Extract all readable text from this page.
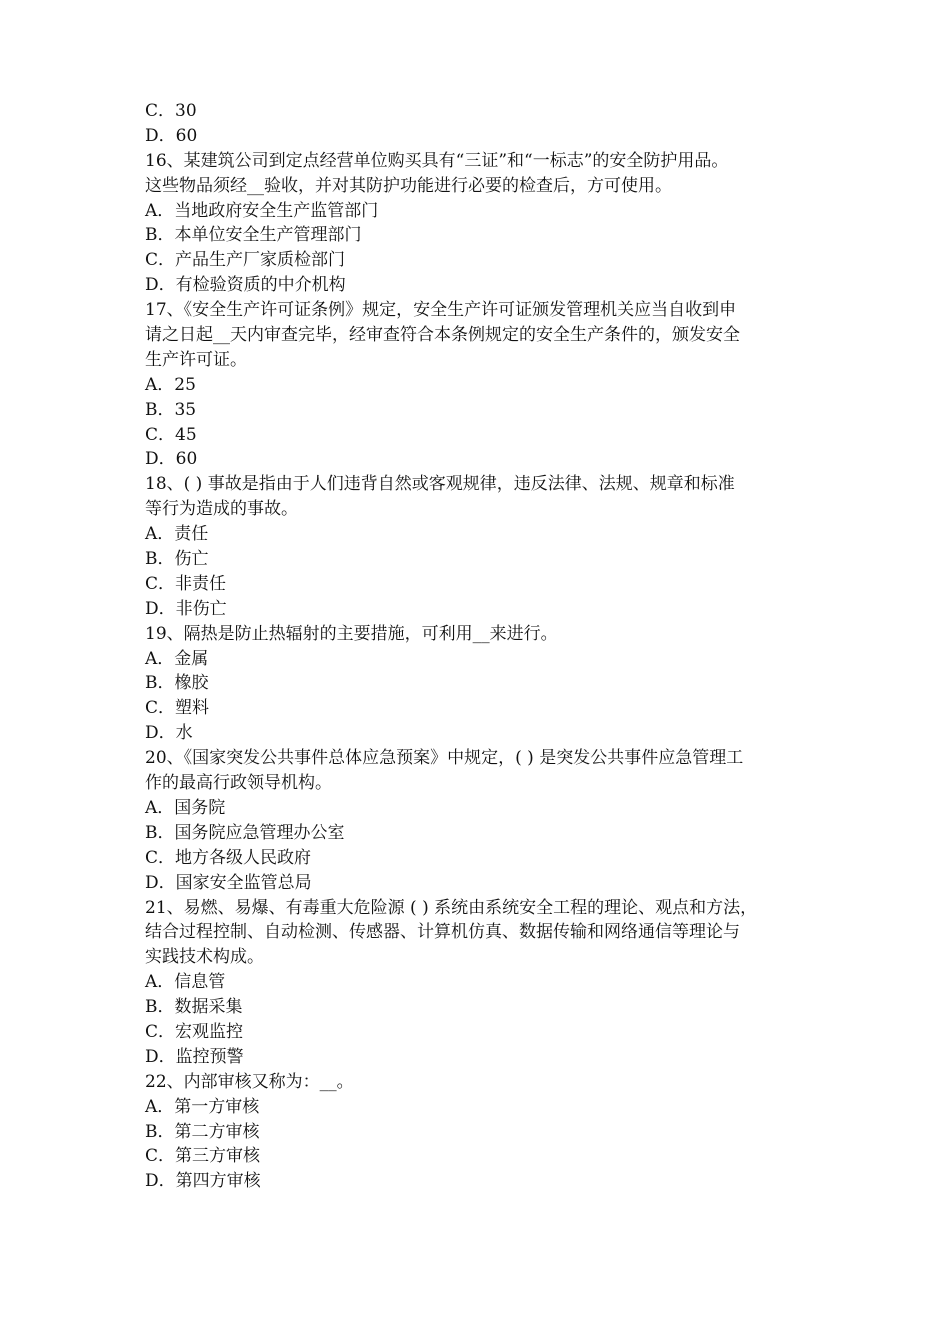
C．30
D．60
16、某建筑公司到定点经营单位购买具有“三证”和“一标志”的安全防护用品。
这些物品须经__验收，并对其防护功能进行必要的检查后，方可使用。
A．当地政府安全生产监管部门
B．本单位安全生产管理部门
C．产品生产厂家质检部门
D．有检验资质的中介机构
17、《安全生产许可证条例》规定，安全生产许可证颁发管理机关应当自收到申
请之日起__天内审查完毕，经审查符合本条例规定的安全生产条件的，颁发安全
生产许可证。
A．25
B．35
C．45
D．60
18、( ) 事故是指由于人们违背自然或客观规律，违反法律、法规、规章和标准
等行为造成的事故。
A．责任
B．伤亡
C．非责任
D．非伤亡
19、隔热是防止热辐射的主要措施，可利用__来进行。
A．金属
B．橡胶
C．塑料
D．水
20、《国家突发公共事件总体应急预案》中规定，( ) 是突发公共事件应急管理工
作的最高行政领导机构。
A．国务院
B．国务院应急管理办公室
C．地方各级人民政府
D．国家安全监管总局
21、易燃、易爆、有毒重大危险源 ( ) 系统由系统安全工程的理论、观点和方法，
结合过程控制、自动检测、传感器、计算机仿真、数据传输和网络通信等理论与
实践技术构成。
A．信息管
B．数据采集
C．宏观监控
D．监控预警
22、内部审核又称为：__。
A．第一方审核
B．第二方审核
C．第三方审核
D．第四方审核
